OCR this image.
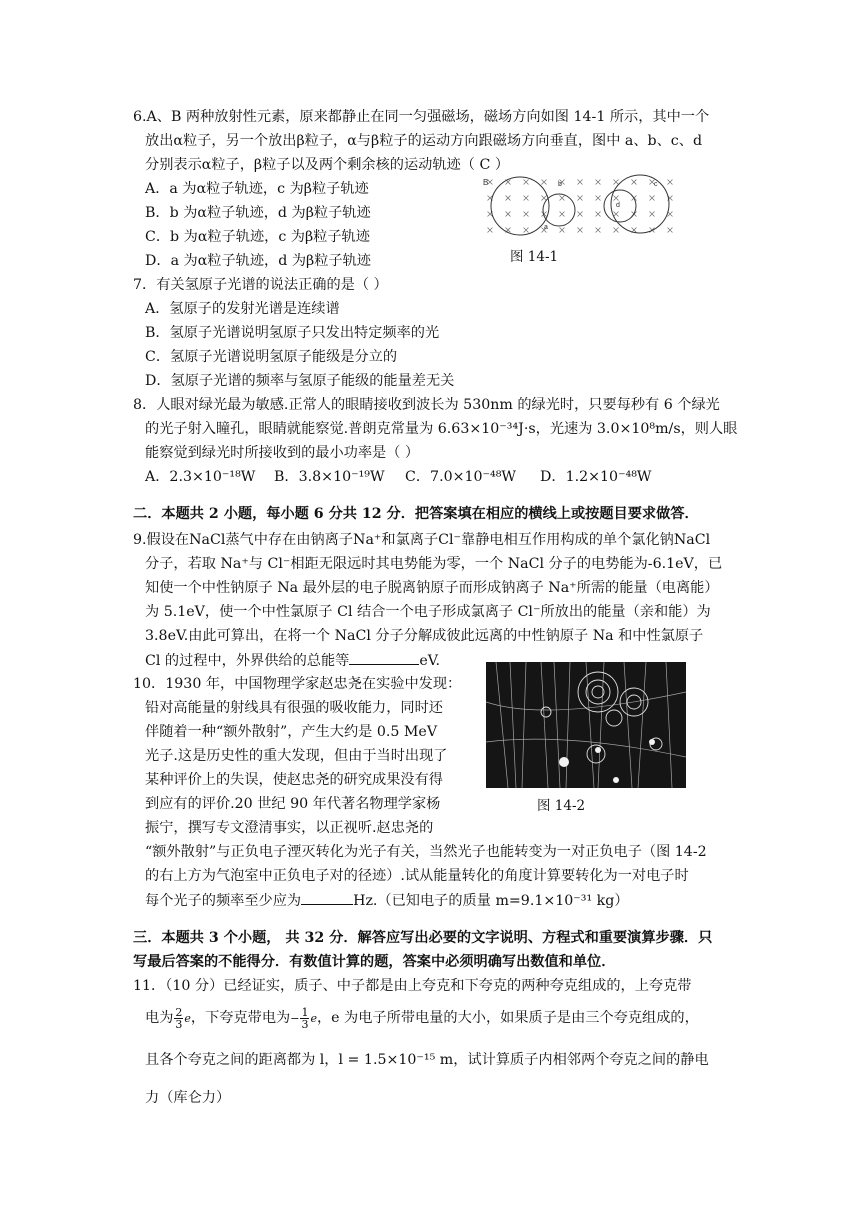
6.A、B 两种放射性元素，原来都静止在同一匀强磁场，磁场方向如图 14-1 所示，其中一个
放出α粒子，另一个放出β粒子，α与β粒子的运动方向跟磁场方向垂直，图中 a、b、c、d
分别表示α粒子，β粒子以及两个剩余核的运动轨迹（ C ）
A．a 为α粒子轨迹，c 为β粒子轨迹
B．b 为α粒子轨迹，d 为β粒子轨迹
C．b 为α粒子轨迹，c 为β粒子轨迹
D．a 为α粒子轨迹，d 为β粒子轨迹
B	b	c
d
a
图 14-1
7．有关氢原子光谱的说法正确的是（ ）
A．氢原子的发射光谱是连续谱
B．氢原子光谱说明氢原子只发出特定频率的光
C．氢原子光谱说明氢原子能级是分立的
D．氢原子光谱的频率与氢原子能级的能量差无关
8．人眼对绿光最为敏感.正常人的眼睛接收到波长为 530nm 的绿光时，只要每秒有 6 个绿光
的光子射入瞳孔，眼睛就能察觉.普朗克常量为 6.63×10⁻³⁴J·s，光速为 3.0×10⁸m/s，则人眼
能察觉到绿光时所接收到的最小功率是（ ）
A．2.3×10⁻¹⁸W B．3.8×10⁻¹⁹W C．7.0×10⁻⁴⁸W D．1.2×10⁻⁴⁸W
二．本题共 2 小题，每小题 6 分共 12 分．把答案填在相应的横线上或按题目要求做答．
9.假设在NaCl蒸气中存在由钠离子Na⁺和氯离子Cl⁻靠静电相互作用构成的单个氯化钠NaCl
分子，若取 Na⁺与 Cl⁻相距无限远时其电势能为零，一个 NaCl 分子的电势能为-6.1eV，已
知使一个中性钠原子 Na 最外层的电子脱离钠原子而形成钠离子 Na⁺所需的能量（电离能）
为 5.1eV，使一个中性氯原子 Cl 结合一个电子形成氯离子 Cl⁻所放出的能量（亲和能）为
3.8eV.由此可算出，在将一个 NaCl 分子分解成彼此远离的中性钠原子 Na 和中性氯原子
Cl 的过程中，外界供给的总能等	eV.
10．1930 年，中国物理学家赵忠尧在实验中发现：
铅对高能量的射线具有很强的吸收能力，同时还
伴随着一种“额外散射”，产生大约是 0.5 MeV
光子.这是历史性的重大发现，但由于当时出现了
某种评价上的失误，使赵忠尧的研究成果没有得
到应有的评价.20 世纪 90 年代著名物理学家杨
振宁，撰写专文澄清事实，以正视听.赵忠尧的
“额外散射”与正负电子湮灭转化为光子有关，当然光子也能转变为一对正负电子（图 14-2
的右上方为气泡室中正负电子对的径迹）.试从能量转化的角度计算要转化为一对电子时
每个光子的频率至少应为	Hz.（已知电子的质量 m=9.1×10⁻³¹ kg）
图 14-2
三．本题共 3 个小题， 共 32 分．解答应写出必要的文字说明、方程式和重要演算步骤．只
写最后答案的不能得分．有数值计算的题，答案中必须明确写出数值和单位．
11．（10 分）已经证实，质子、中子都是由上夸克和下夸克的两种夸克组成的，上夸克带
电为 $\frac{2}{3}$ e，下夸克带电为− $\frac{1}{3}$ e，e 为电子所带电量的大小，如果质子是由三个夸克组成的，
且各个夸克之间的距离都为 l，l = 1.5×10⁻¹⁵ m，试计算质子内相邻两个夸克之间的静电
力（库仑力）
